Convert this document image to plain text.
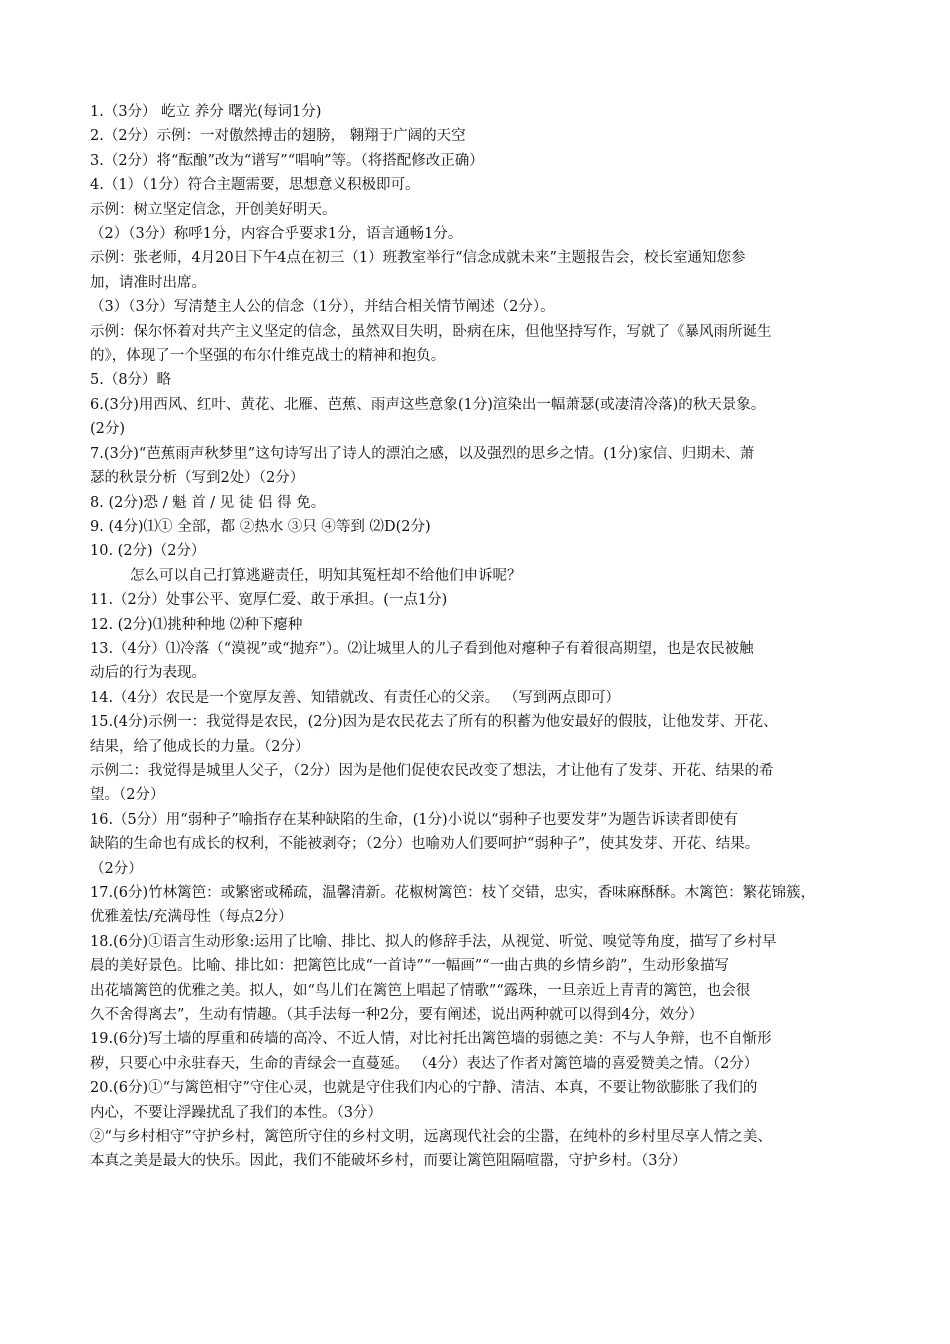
1.（3分） 屹立 养分 曙光(每词1分)
2.（2分）示例：一对傲然搏击的翅膀， 翱翔于广阔的天空
3.（2分）将“酝酿”改为“谱写”“唱响”等。（将搭配修改正确）
4.（1）（1分）符合主题需要，思想意义积极即可。
示例：树立坚定信念，开创美好明天。
（2）（3分）称呼1分，内容合乎要求1分，语言通畅1分。
示例：张老师，4月20日下午4点在初三（1）班教室举行“信念成就未来”主题报告会，校长室通知您参
加，请准时出席。
（3）（3分）写清楚主人公的信念（1分），并结合相关情节阐述（2分）。
示例：保尔怀着对共产主义坚定的信念，虽然双目失明，卧病在床，但他坚持写作，写就了《暴风雨所诞生
的》，体现了一个坚强的布尔什维克战士的精神和抱负。
5.（8分）略
6.(3分)用西风、红叶、黄花、北雁、芭蕉、雨声这些意象(1分)渲染出一幅萧瑟(或凄清冷落)的秋天景象。
(2分)
7.(3分)“芭蕉雨声秋梦里”这句诗写出了诗人的漂泊之感，以及强烈的思乡之情。(1分)家信、归期未、萧
瑟的秋景分析（写到2处）（2分）
8. (2分)恐 / 魁 首 / 见 徒 侣 得 免。
9. (4分)⑴① 全部，都 ②热水 ③只 ④等到 ⑵D(2分)
10. (2分)（2分）
怎么可以自己打算逃避责任，明知其冤枉却不给他们申诉呢？
11.（2分）处事公平、宽厚仁爱、敢于承担。(一点1分)
12. (2分)⑴挑种种地 ⑵种下瘪种
13.（4分）⑴冷落（“漠视”或“抛弃”）。⑵让城里人的儿子看到他对瘪种子有着很高期望，也是农民被触
动后的行为表现。
14.（4分）农民是一个宽厚友善、知错就改、有责任心的父亲。 （写到两点即可）
15.(4分)示例一：我觉得是农民，(2分)因为是农民花去了所有的积蓄为他安最好的假肢，让他发芽、开花、
结果，给了他成长的力量。（2分）
示例二：我觉得是城里人父子，（2分）因为是他们促使农民改变了想法，才让他有了发芽、开花、结果的希
望。（2分）
16.（5分）用“弱种子”喻指存在某种缺陷的生命，(1分)小说以“弱种子也要发芽”为题告诉读者即使有
缺陷的生命也有成长的权利，不能被剥夺；（2分）也喻劝人们要呵护“弱种子”，使其发芽、开花、结果。
（2分）
17.(6分)竹林篱笆：或繁密或稀疏，温馨清新。花椒树篱笆：枝丫交错，忠实，香味麻酥酥。木篱笆：繁花锦簇，
优雅羞怯/充满母性（每点2分）
18.(6分)①语言生动形象:运用了比喻、排比、拟人的修辞手法，从视觉、听觉、嗅觉等角度，描写了乡村早
晨的美好景色。比喻、排比如：把篱笆比成“一首诗”“一幅画”“一曲古典的乡情乡韵”，生动形象描写
出花墙篱笆的优雅之美。拟人，如“鸟儿们在篱笆上唱起了情歌”“露珠，一旦亲近上青青的篱笆，也会很
久不舍得离去”，生动有情趣。（其手法每一种2分，要有阐述，说出两种就可以得到4分，效分）
19.(6分)写土墙的厚重和砖墙的高冷、不近人情，对比衬托出篱笆墙的弱德之美：不与人争辩，也不自惭形
秽，只要心中永驻春天，生命的青绿会一直蔓延。 （4分）表达了作者对篱笆墙的喜爱赞美之情。（2分）
20.(6分)①“与篱笆相守”守住心灵，也就是守住我们内心的宁静、清洁、本真，不要让物欲膨胀了我们的
内心，不要让浮躁扰乱了我们的本性。（3分）
②“与乡村相守”守护乡村，篱笆所守住的乡村文明，远离现代社会的尘嚣，在纯朴的乡村里尽享人情之美、
本真之美是最大的快乐。因此，我们不能破坏乡村，而要让篱笆阻隔喧嚣，守护乡村。（3分）
